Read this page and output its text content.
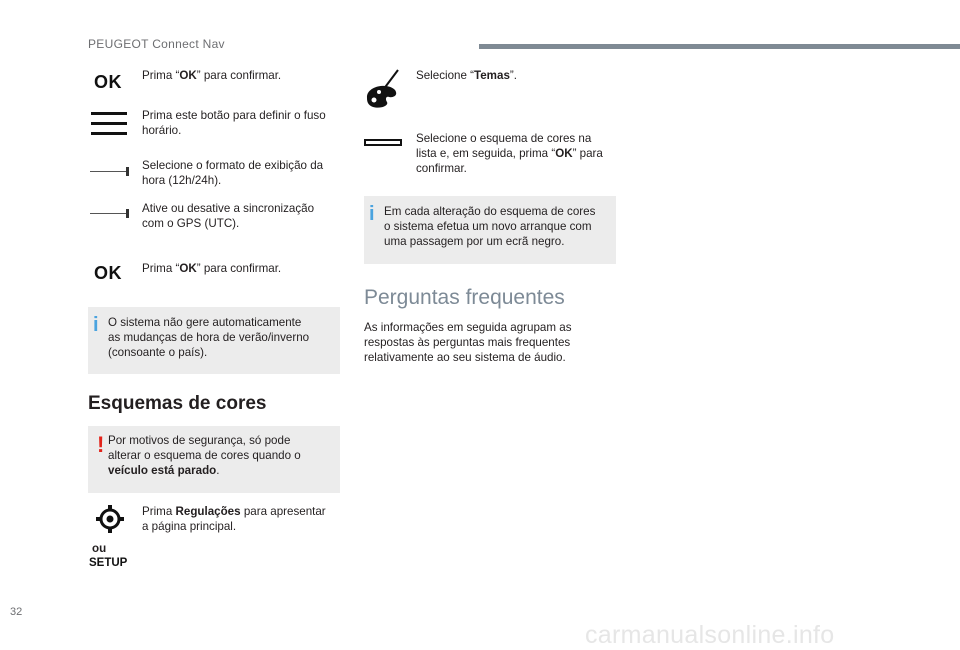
PEUGEOT Connect Nav
OK Prima “OK” para confirmar.
Prima este botão para definir o fuso
horário.
Selecione o formato de exibição da
hora (12h/24h).
Ative ou desative a sincronização
com o GPS (UTC).
OK Prima “OK” para confirmar.
i O sistema não gere automaticamente
as mudanças de hora de verão/inverno
(consoante o país).
Esquemas de cores
! Por motivos de segurança, só pode
alterar o esquema de cores quando o
veículo está parado.
ou
SETUP
Prima Regulações para apresentar
a página principal.
Selecione “Temas”.
Selecione o esquema de cores na
lista e, em seguida, prima “OK” para
confirmar.
i Em cada alteração do esquema de cores
o sistema efetua um novo arranque com
uma passagem por um ecrã negro.
Perguntas frequentes
As informações em seguida agrupam as
respostas às perguntas mais frequentes
relativamente ao seu sistema de áudio.
32
carmanualsonline.info
